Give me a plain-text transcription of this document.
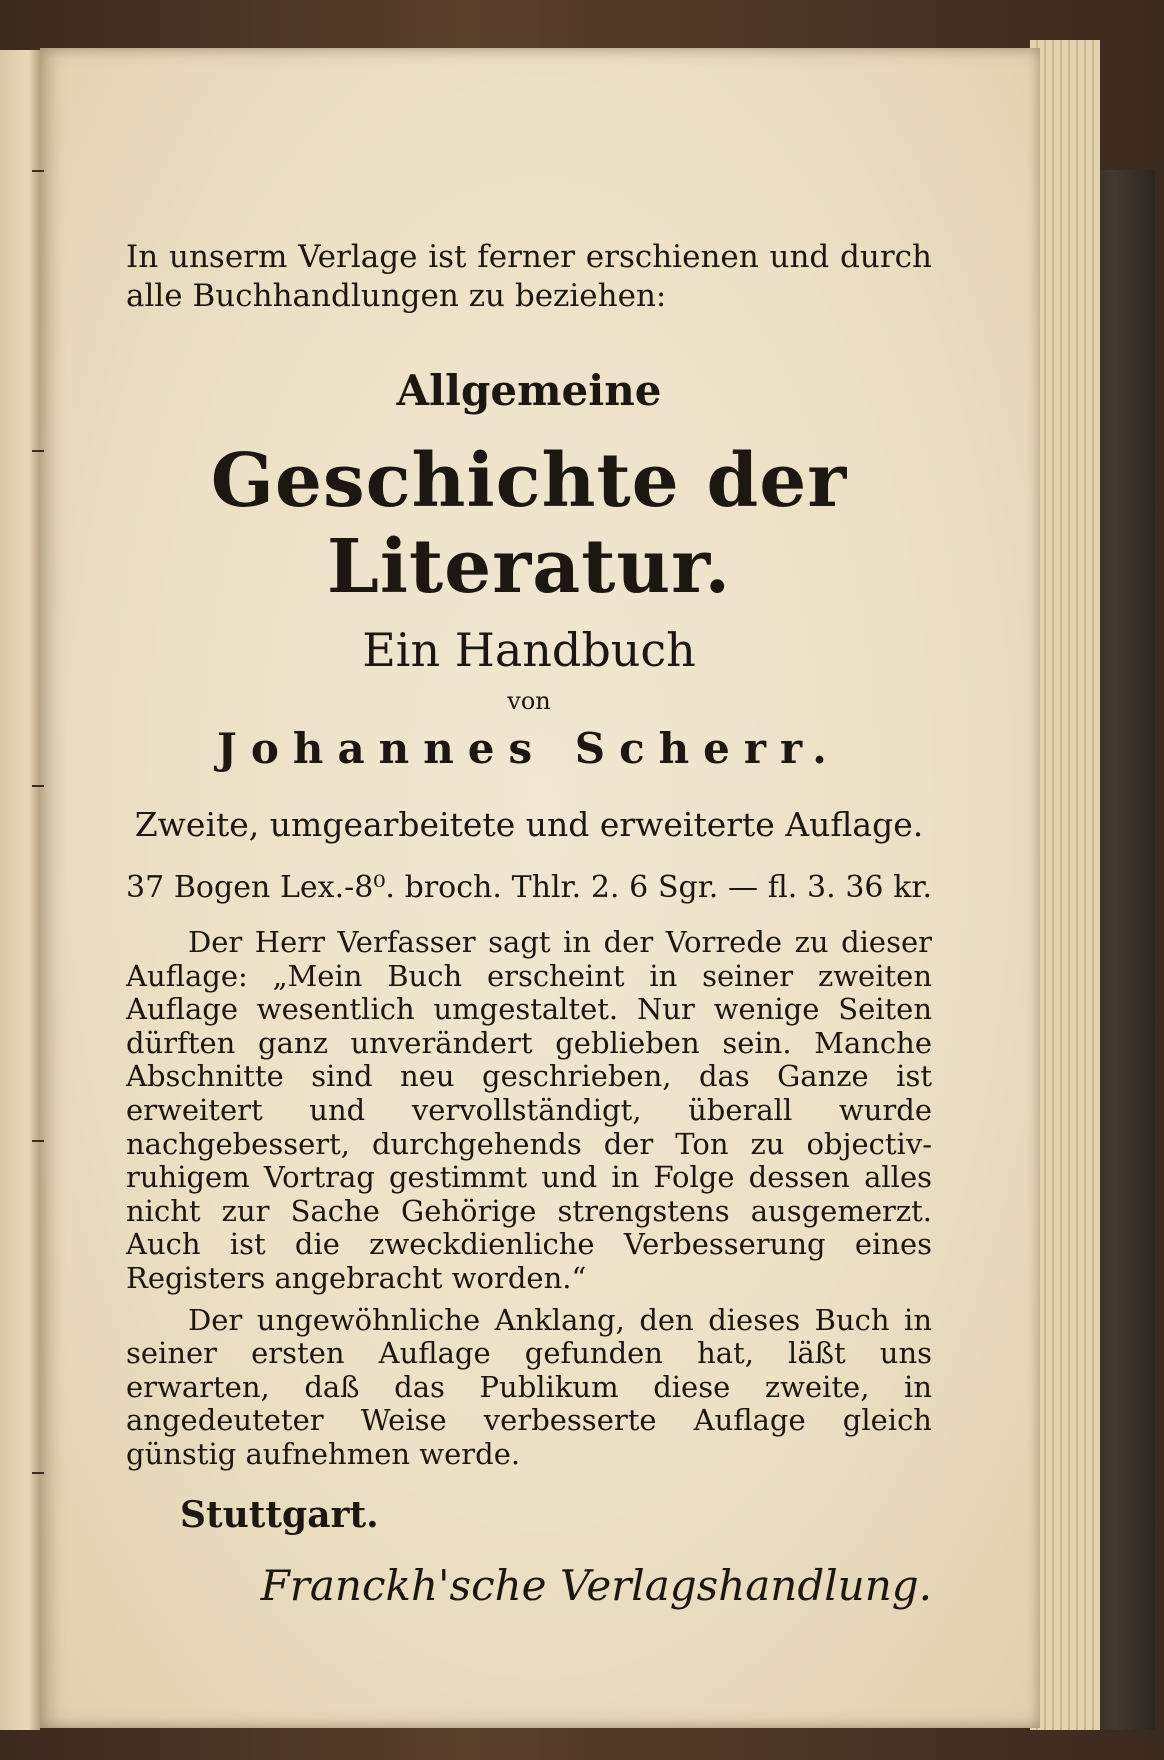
In unserm Verlage ist ferner erschienen und durch alle Buchhandlungen zu beziehen:

Allgemeine
Geschichte der Literatur.
Ein Handbuch
von
Johannes Scherr.
Zweite, umgearbeitete und erweiterte Auflage.
37 Bogen Lex.-8⁰. broch. Thlr. 2. 6 Sgr. — fl. 3. 36 kr.

Der Herr Verfasser sagt in der Vorrede zu dieser Auflage: „Mein Buch erscheint in seiner zweiten Auflage wesentlich umgestaltet. Nur wenige Seiten dürften ganz unverändert geblieben sein. Manche Abschnitte sind neu geschrieben, das Ganze ist erweitert und vervollständigt, überall wurde nachgebessert, durchgehends der Ton zu objectiv-ruhigem Vortrag gestimmt und in Folge dessen alles nicht zur Sache Gehörige strengstens ausgemerzt. Auch ist die zweckdienliche Verbesserung eines Registers angebracht worden.“

Der ungewöhnliche Anklang, den dieses Buch in seiner ersten Auflage gefunden hat, läßt uns erwarten, daß das Publikum diese zweite, in angedeuteter Weise verbesserte Auflage gleich günstig aufnehmen werde.

Stuttgart.
Franckh'sche Verlagshandlung.
